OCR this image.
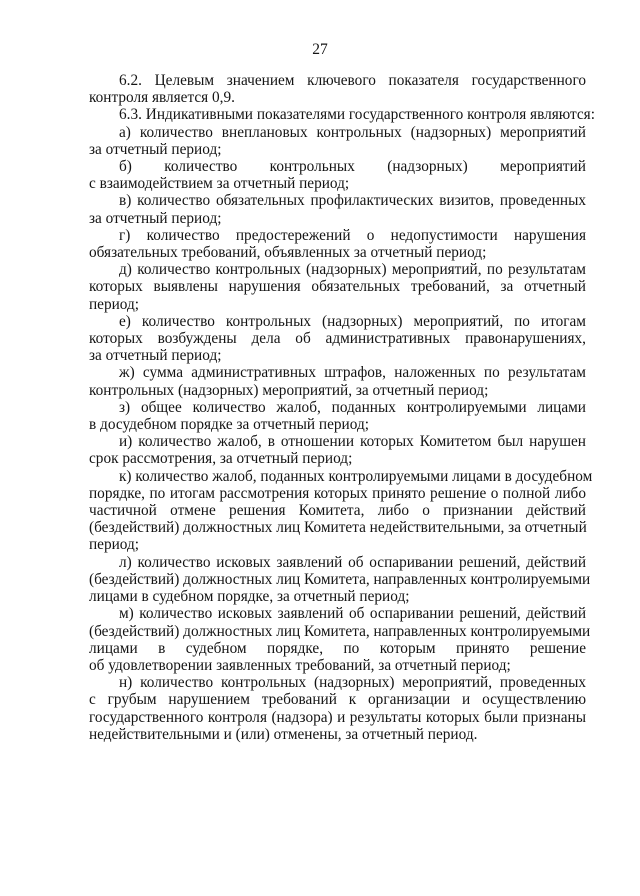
27

6.2. Целевым значением ключевого показателя государственного
контроля является 0,9.

6.3. Индикативными показателями государственного контроля являются:

а) количество внеплановых контрольных (надзорных) мероприятий
за отчетный период;

б) количество контрольных (надзорных) мероприятий
с взаимодействием за отчетный период;

в) количество обязательных профилактических визитов, проведенных
за отчетный период;

г) количество предостережений о недопустимости нарушения
обязательных требований, объявленных за отчетный период;

д) количество контрольных (надзорных) мероприятий, по результатам
которых выявлены нарушения обязательных требований, за отчетный
период;

е) количество контрольных (надзорных) мероприятий, по итогам
которых возбуждены дела об административных правонарушениях,
за отчетный период;

ж) сумма административных штрафов, наложенных по результатам
контрольных (надзорных) мероприятий, за отчетный период;

з) общее количество жалоб, поданных контролируемыми лицами
в досудебном порядке за отчетный период;

и) количество жалоб, в отношении которых Комитетом был нарушен
срок рассмотрения, за отчетный период;

к) количество жалоб, поданных контролируемыми лицами в досудебном
порядке, по итогам рассмотрения которых принято решение о полной либо
частичной отмене решения Комитета, либо о признании действий
(бездействий) должностных лиц Комитета недействительными, за отчетный
период;

л) количество исковых заявлений об оспаривании решений, действий
(бездействий) должностных лиц Комитета, направленных контролируемыми
лицами в судебном порядке, за отчетный период;

м) количество исковых заявлений об оспаривании решений, действий
(бездействий) должностных лиц Комитета, направленных контролируемыми
лицами в судебном порядке, по которым принято решение
об удовлетворении заявленных требований, за отчетный период;

н) количество контрольных (надзорных) мероприятий, проведенных
с грубым нарушением требований к организации и осуществлению
государственного контроля (надзора) и результаты которых были признаны
недействительными и (или) отменены, за отчетный период.
